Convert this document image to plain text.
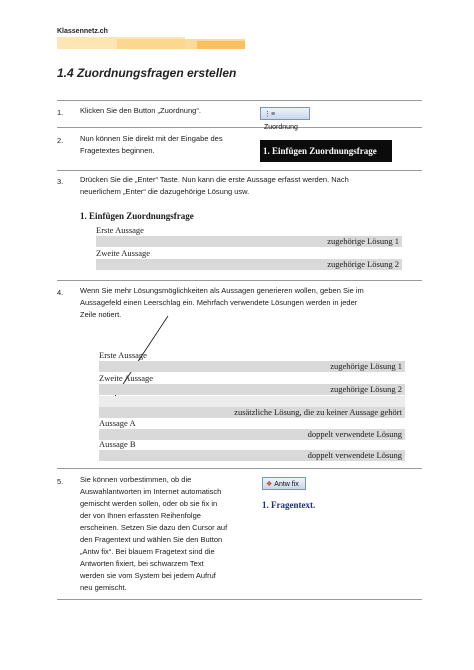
Klassennetz.ch
1.4 Zuordnungsfragen erstellen
1. Klicken Sie den Button „Zuordnung“.	⋮≡Zuordnung
2. Nun können Sie direkt mit der Eingabe des
Fragetextes beginnen.	1. Einfügen Zuordnungsfrage
3. Drücken Sie die „Enter“ Taste. Nun kann die erste Aussage erfasst werden. Nach
neuerlichem „Enter“ die dazugehörige Lösung usw.
1. Einfügen Zuordnungsfrage
Erste Aussage
zugehörige Lösung 1
Zweite Aussage
zugehörige Lösung 2
4. Wenn Sie mehr Lösungsmöglichkeiten als Aussagen generieren wollen, geben Sie im
Aussagefeld einen Leerschlag ein. Mehrfach verwendete Lösungen werden in jeder
Zeile notiert.
Erste Aussage
zugehörige Lösung 1
Zweite Aussage
zugehörige Lösung 2
zusätzliche Lösung, die zu keiner Aussage gehört
Aussage A
doppelt verwendete Lösung
Aussage B
doppelt verwendete Lösung
5. Sie können vorbestimmen, ob die
Auswahlantworten im Internet automatisch
gemischt werden sollen, oder ob sie fix in
der von Ihnen erfassten Reihenfolge
erscheinen. Setzen Sie dazu den Cursor auf
den Fragentext und wählen Sie den Button
„Antw fix“. Bei blauem Fragetext sind die
Antworten fixiert, bei schwarzem Text
werden sie vom System bei jedem Aufruf
neu gemischt.
❖ Antw fix
1. Fragentext.
